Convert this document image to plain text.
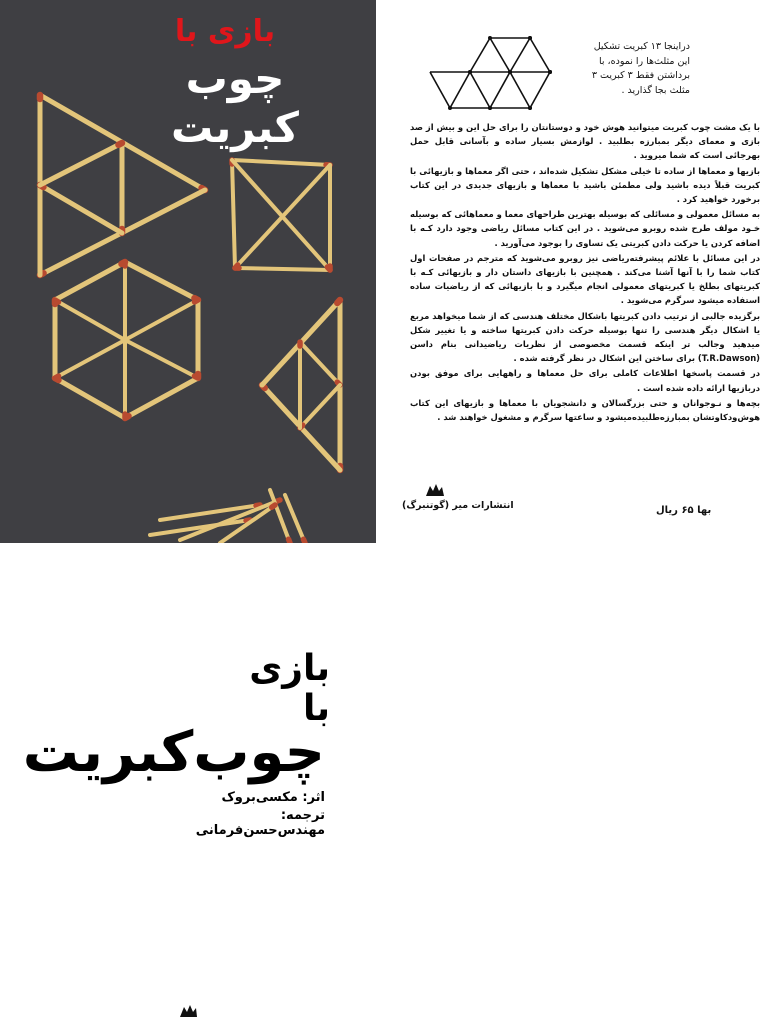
بازی با
چوب کبریت
دراینجا ۱۳ کبریت تشکیل
این مثلث‌ها را نموده، با
برداشتن فقط ۳ کبریت ۳
مثلث بجا گذارید .

با یک مشت چوب کبریت میتوانید هوش خود و دوستانتان را برای حل این و بیش از صد بازی و معمای دیگر بمبارزه بطلبید . لوازمش بسیار ساده و بآسانی قابل حمل بهرجائی است که شما میروید .

بازیها و معماها از ساده تا خیلی مشکل تشکیل شده‌اند ، حتی اگر معماها و بازیهائی با کبریت قبلاً دیده باشید ولی مطمئن باشید با معماها و بازیهای جدیدی در این کتاب برخورد خواهید کرد .

به مسائل معمولی و مسائلی که بوسیله بهترین طراحهای معما و معماهائی که بوسیله خـود مولف طرح شده روبرو می‌شوید . در این کتاب مسائل ریاضی وجود دارد کـه با اضافه کردن یا حرکت دادن کبریتی یک تساوی را بوجود می‌آورید .

در این مسائل با علائم پیشرفته‌ریاضی نیز روبرو می‌شوید که مترجم در صفحات اول کتاب شما را با آنها آشنا می‌کند . همچنین با بازیهای داستان دار و بازیهائی کـه با کبریتهای بطلخ یا کبریتهای معمولی انجام میگیرد و با بازیهائی که از ریاضیات ساده استفاده میشود سرگرم می‌شوید .

برگزیده‌ جالبی از ترتیب دادن کبریتها باشکال مختلف هندسی که از شما میخواهد مربع یا اشکال دیگر هندسی را تنها بوسیله حرکت دادن کبریتها ساخته و یا تغییر شکل میدهید وجالب تر اینکه قسمت مخصوصی از نظریات ریاضیدانی بنام داسن (T.R.Dawson) برای ساختن این اشکال در نظر گرفته شده .

در قسمت پاسخها اطلاعات کاملی برای حل معماها و راههایی برای موفق بودن دربازیها ارائه داده شده است .

بچه‌ها و نـوجوانان و حتی بزرگسالان و دانشجویان با معماها و بازیهای این کتاب هوش‌ودکاوتشان بمبارزه‌طلبیده‌میشود و ساعتها سرگرم و مشغول خواهند شد .

انتشارات میر (گوتنبرگ)	بها ۶۵ ریال
بازی
با
چوب‌کبریت
اثر: مکسی‌بروک
ترجمه: مهندس‌حسن‌فرمانی
